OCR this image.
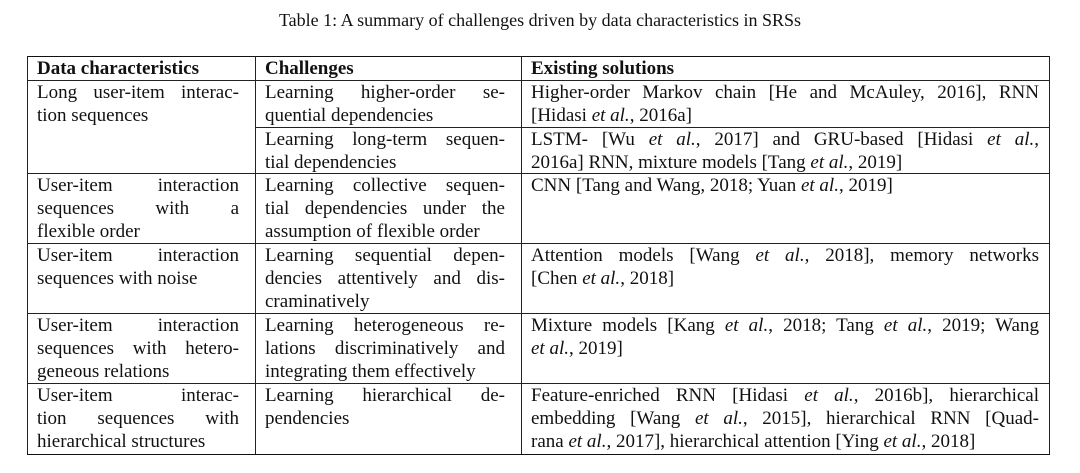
Table 1: A summary of challenges driven by data characteristics in SRSs
Data characteristics	Challenges	Existing solutions
Long user-item interac-
tion sequences
Learning higher-order se-
quential dependencies
Higher-order Markov chain [He and McAuley, 2016], RNN
[Hidasi et al., 2016a]
Learning long-term sequen-
tial dependencies
LSTM- [Wu et al., 2017] and GRU-based [Hidasi et al.,
2016a] RNN, mixture models [Tang et al., 2019]
User-item interaction
sequences with a
flexible order
Learning collective sequen-
tial dependencies under the
assumption of flexible order
CNN [Tang and Wang, 2018; Yuan et al., 2019]
User-item interaction
sequences with noise
Learning sequential depen-
dencies attentively and dis-
craminatively
Attention models [Wang et al., 2018], memory networks
[Chen et al., 2018]
User-item interaction
sequences with hetero-
geneous relations
Learning heterogeneous re-
lations discriminatively and
integrating them effectively
Mixture models [Kang et al., 2018; Tang et al., 2019; Wang
et al., 2019]
User-item interac-
tion sequences with
hierarchical structures
Learning hierarchical de-
pendencies
Feature-enriched RNN [Hidasi et al., 2016b], hierarchical
embedding [Wang et al., 2015], hierarchical RNN [Quad-
rana et al., 2017], hierarchical attention [Ying et al., 2018]
